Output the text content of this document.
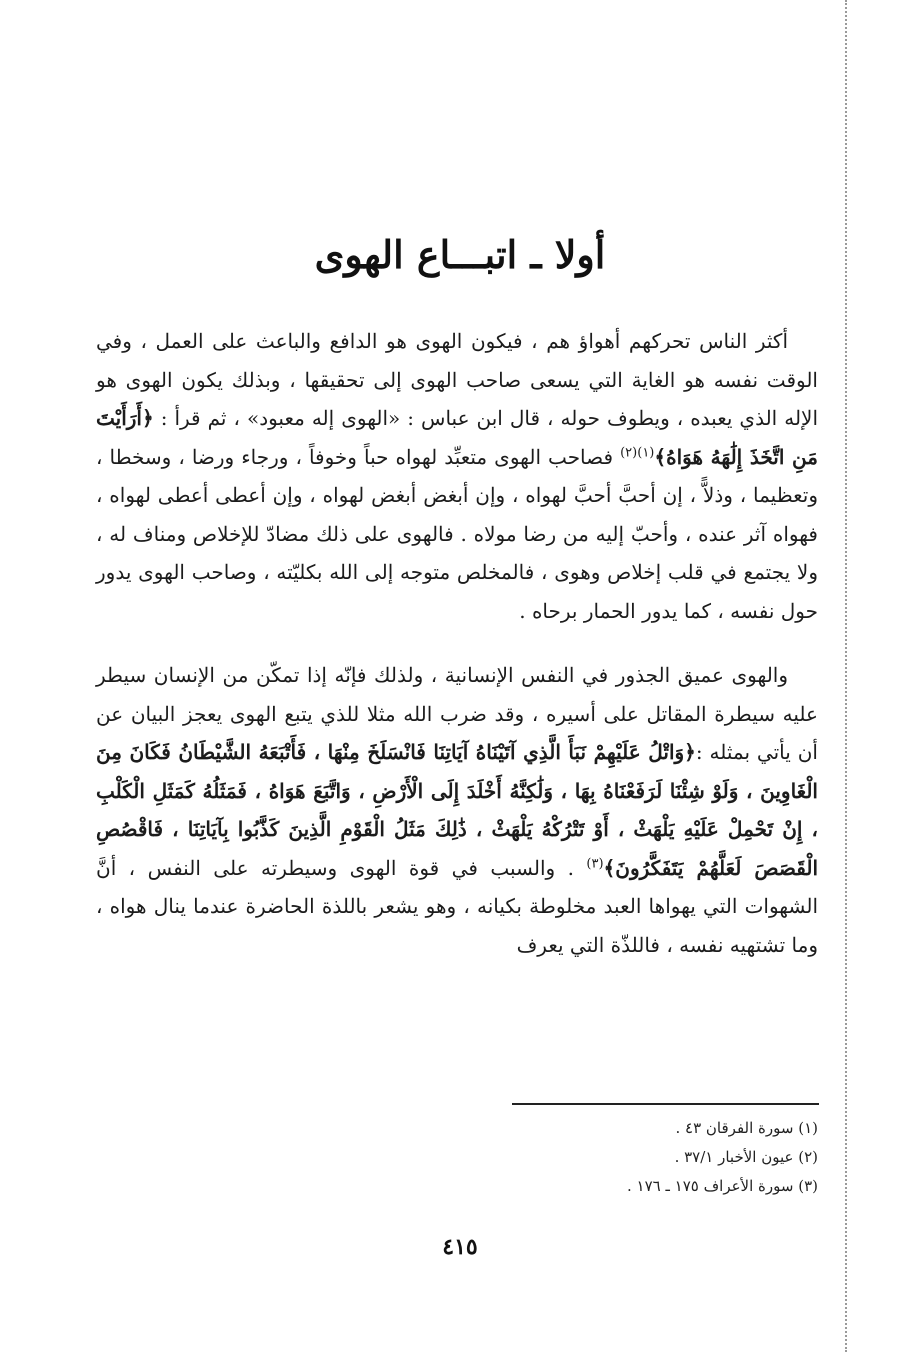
أولا ـ اتبـــاع الهوى

أكثر الناس تحركهم أهواؤ هم ، فيكون الهوى هو الدافع والباعث على العمل ، وفي الوقت نفسه هو الغاية التي يسعى صاحب الهوى إلى تحقيقها ، وبذلك يكون الهوى هو الإله الذي يعبده ، ويطوف حوله ، قال ابن عباس : «الهوى إله معبود» ، ثم قرأ : ﴿أَرَأَيْتَ مَنِ اتَّخَذَ إِلَٰهَهُ هَوَاهُ﴾$^{(١)(٢)}$ فصاحب الهوى متعبِّد لهواه حباً وخوفاً ، ورجاء ورضا ، وسخطا ، وتعظيما ، وذلاًّ ، إن أحبَّ أحبَّ لهواه ، وإن أبغض أبغض لهواه ، وإن أعطى أعطى لهواه ، فهواه آثر عنده ، وأحبّ إليه من رضا مولاه . فالهوى على ذلك مضادّ للإخلاص ومناف له ، ولا يجتمع في قلب إخلاص وهوى ، فالمخلص متوجه إلى الله بكليّته ، وصاحب الهوى يدور حول نفسه ، كما يدور الحمار برحاه .

والهوى عميق الجذور في النفس الإنسانية ، ولذلك فإنّه إذا تمكّن من الإنسان سيطر عليه سيطرة المقاتل على أسيره ، وقد ضرب الله مثلا للذي يتبع الهوى يعجز البيان عن أن يأتي بمثله :﴿وَاتْلُ عَلَيْهِمْ نَبَأَ الَّذِي آتَيْنَاهُ آيَاتِنَا فَانْسَلَخَ مِنْهَا ، فَأَتْبَعَهُ الشَّيْطَانُ فَكَانَ مِنَ الْغَاوِينَ ، وَلَوْ شِئْنَا لَرَفَعْنَاهُ بِهَا ، وَلَٰكِنَّهُ أَخْلَدَ إِلَى الْأَرْضِ ، وَاتَّبَعَ هَوَاهُ ، فَمَثَلُهُ كَمَثَلِ الْكَلْبِ ، إِنْ تَحْمِلْ عَلَيْهِ يَلْهَثْ ، أَوْ تَتْرُكْهُ يَلْهَثْ ، ذَٰلِكَ مَثَلُ الْقَوْمِ الَّذِينَ كَذَّبُوا بِآيَاتِنَا ، فَاقْصُصِ الْقَصَصَ لَعَلَّهُمْ يَتَفَكَّرُونَ﴾$^{(٣)}$ . والسبب في قوة الهوى وسيطرته على النفس ، أنَّ الشهوات التي يهواها العبد مخلوطة بكيانه ، وهو يشعر باللذة الحاضرة عندما ينال هواه ، وما تشتهيه نفسه ، فاللذّة التي يعرف

(١) سورة الفرقان ٤٣ .
(٢) عيون الأخبار ٣٧/١ .
(٣) سورة الأعراف ١٧٥ ـ ١٧٦ .
٤١٥
